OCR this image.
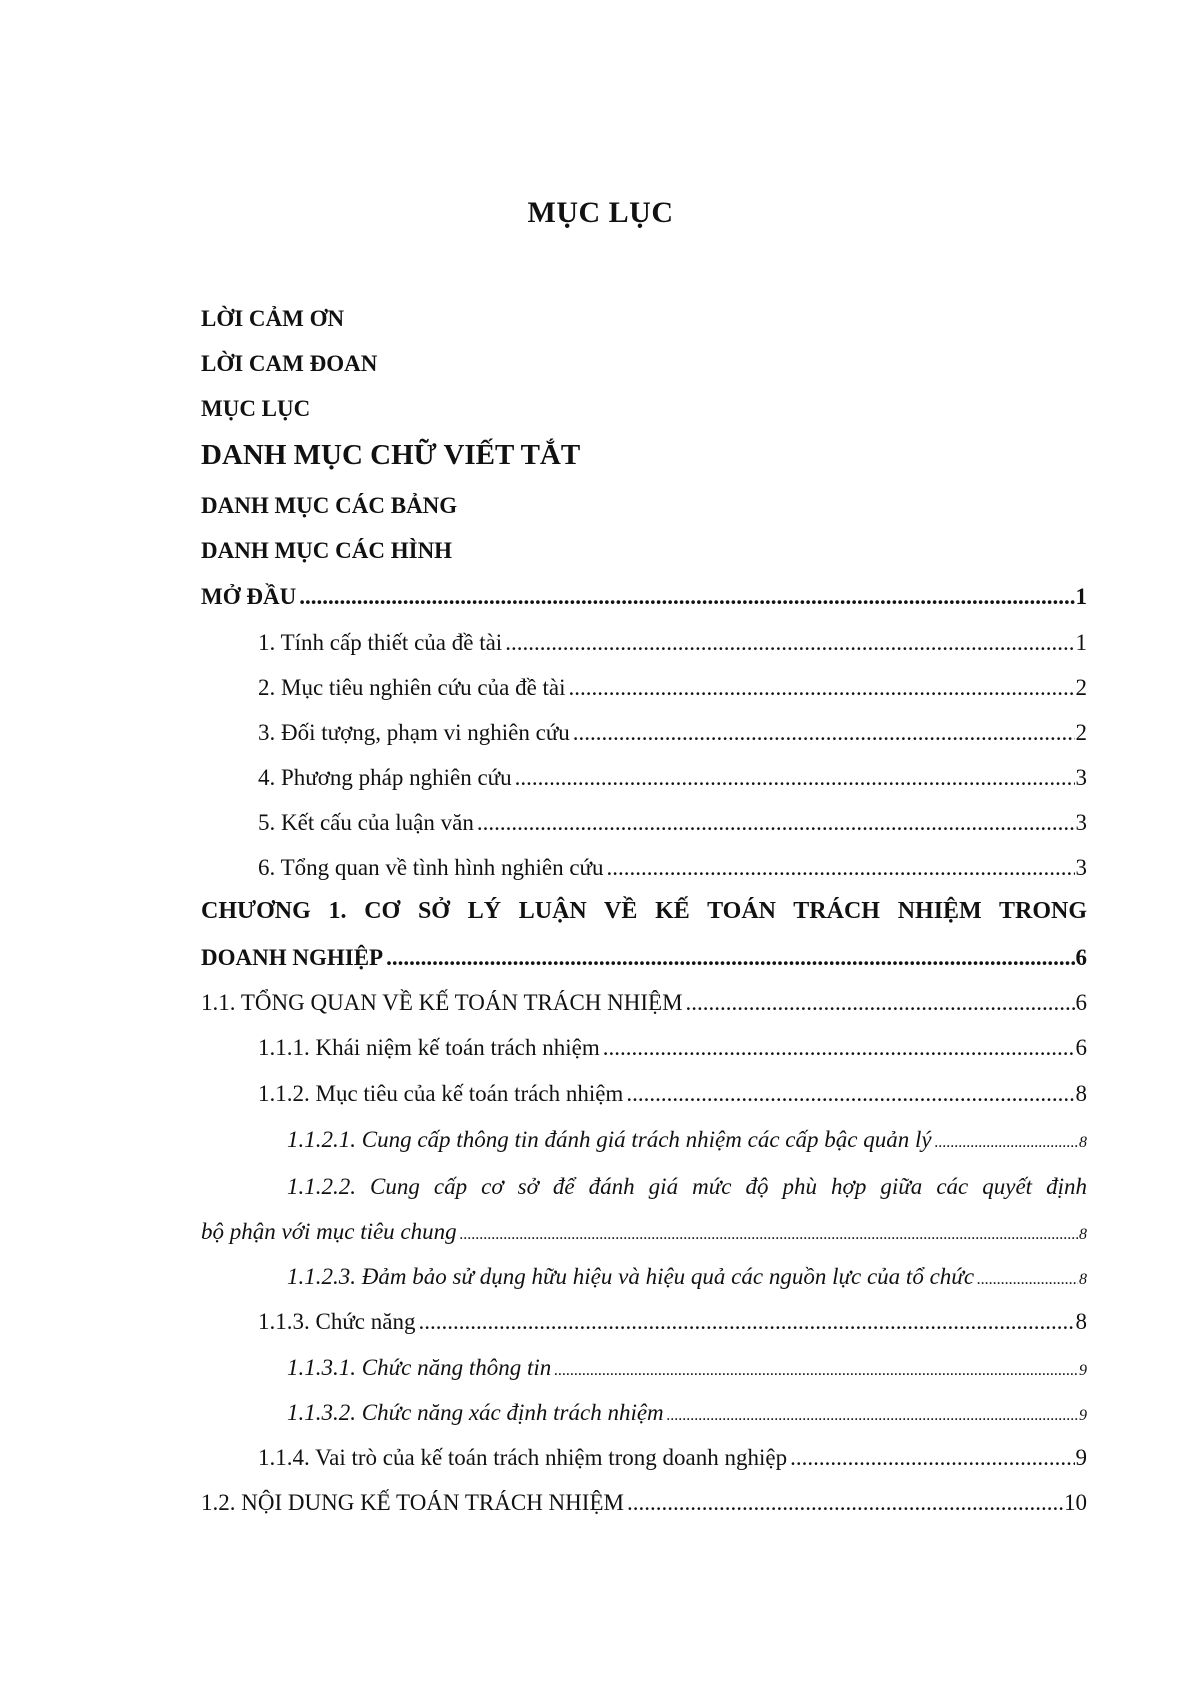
MỤC LỤC
LỜI CẢM ƠN
LỜI CAM ĐOAN
MỤC LỤC
DANH MỤC CHỮ VIẾT TẮT
DANH MỤC CÁC BẢNG
DANH MỤC CÁC HÌNH
MỞ ĐẦU .....	1
1. Tính cấp thiết của đề tài .....	1
2. Mục tiêu nghiên cứu của đề tài .....	2
3. Đối tượng, phạm vi nghiên cứu .....	2
4. Phương pháp nghiên cứu .....	3
5. Kết cấu của luận văn .....	3
6. Tổng quan về tình hình nghiên cứu .....	3
CHƯƠNG 1. CƠ SỞ LÝ LUẬN VỀ KẾ TOÁN TRÁCH NHIỆM TRONG
DOANH NGHIỆP .....	6
1.1. TỔNG QUAN VỀ KẾ TOÁN TRÁCH NHIỆM .....	6
1.1.1. Khái niệm kế toán trách nhiệm .....	6
1.1.2. Mục tiêu của kế toán trách nhiệm .....	8
1.1.2.1. Cung cấp thông tin đánh giá trách nhiệm các cấp bậc quản lý .....	8
1.1.2.2. Cung cấp cơ sở để đánh giá mức độ phù hợp giữa các quyết định
bộ phận với mục tiêu chung .....	8
1.1.2.3. Đảm bảo sử dụng hữu hiệu và hiệu quả các nguồn lực của tổ chức .....	8
1.1.3. Chức năng .....	8
1.1.3.1. Chức năng thông tin .....	9
1.1.3.2. Chức năng xác định trách nhiệm .....	9
1.1.4. Vai trò của kế toán trách nhiệm trong doanh nghiệp .....	9
1.2. NỘI DUNG KẾ TOÁN TRÁCH NHIỆM .....	10
